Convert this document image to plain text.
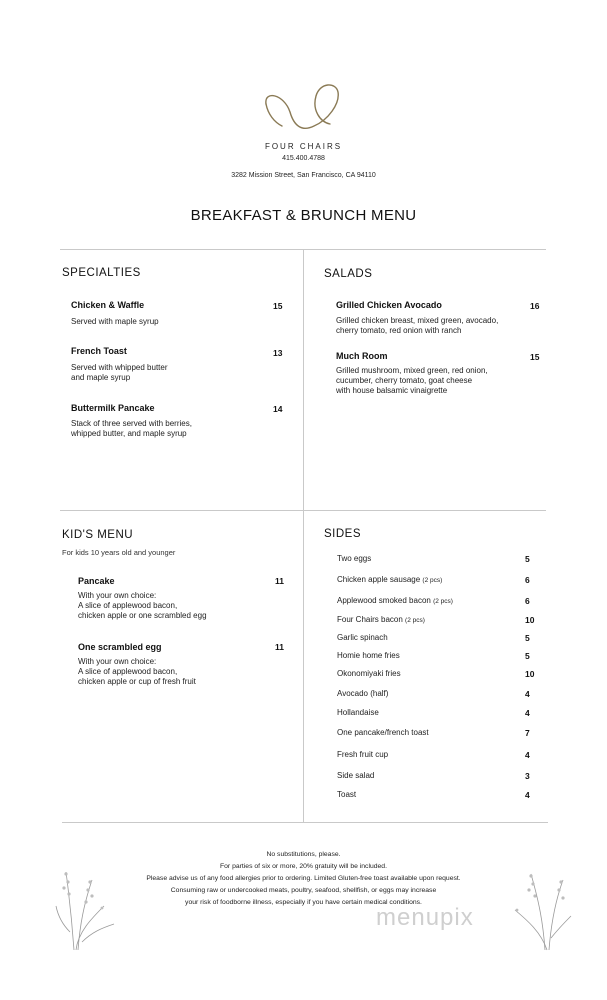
FOUR CHAIRS
415.400.4788
3282 Mission Street, San Francisco, CA 94110
BREAKFAST & BRUNCH MENU
SPECIALTIES
Chicken & Waffle	15
Served with maple syrup
French Toast	13
Served with whipped butter
and maple syrup
Buttermilk Pancake	14
Stack of three served with berries,
whipped butter, and maple syrup
SALADS
Grilled Chicken Avocado	16
Grilled chicken breast, mixed green, avocado,
cherry tomato, red onion with ranch
Much Room	15
Grilled mushroom, mixed green, red onion,
cucumber, cherry tomato, goat cheese
with house balsamic vinaigrette
KID'S MENU
For kids 10 years old and younger
Pancake	11
With your own choice:
A slice of applewood bacon,
chicken apple or one scrambled egg
One scrambled egg	11
With your own choice:
A slice of applewood bacon,
chicken apple or cup of fresh fruit
SIDES
Two eggs	5
Chicken apple sausage (2 pcs)	6
Applewood smoked bacon (2 pcs)	6
Four Chairs bacon (2 pcs)	10
Garlic spinach	5
Homie home fries	5
Okonomiyaki fries	10
Avocado (half)	4
Hollandaise	4
One pancake/french toast	7
Fresh fruit cup	4
Side salad	3
Toast	4
No substitutions, please.
For parties of six or more, 20% gratuity will be included.
Please advise us of any food allergies prior to ordering. Limited Gluten-free toast available upon request.
Consuming raw or undercooked meats, poultry, seafood, shellfish, or eggs may increase
your risk of foodborne illness, especially if you have certain medical conditions.
menupix
